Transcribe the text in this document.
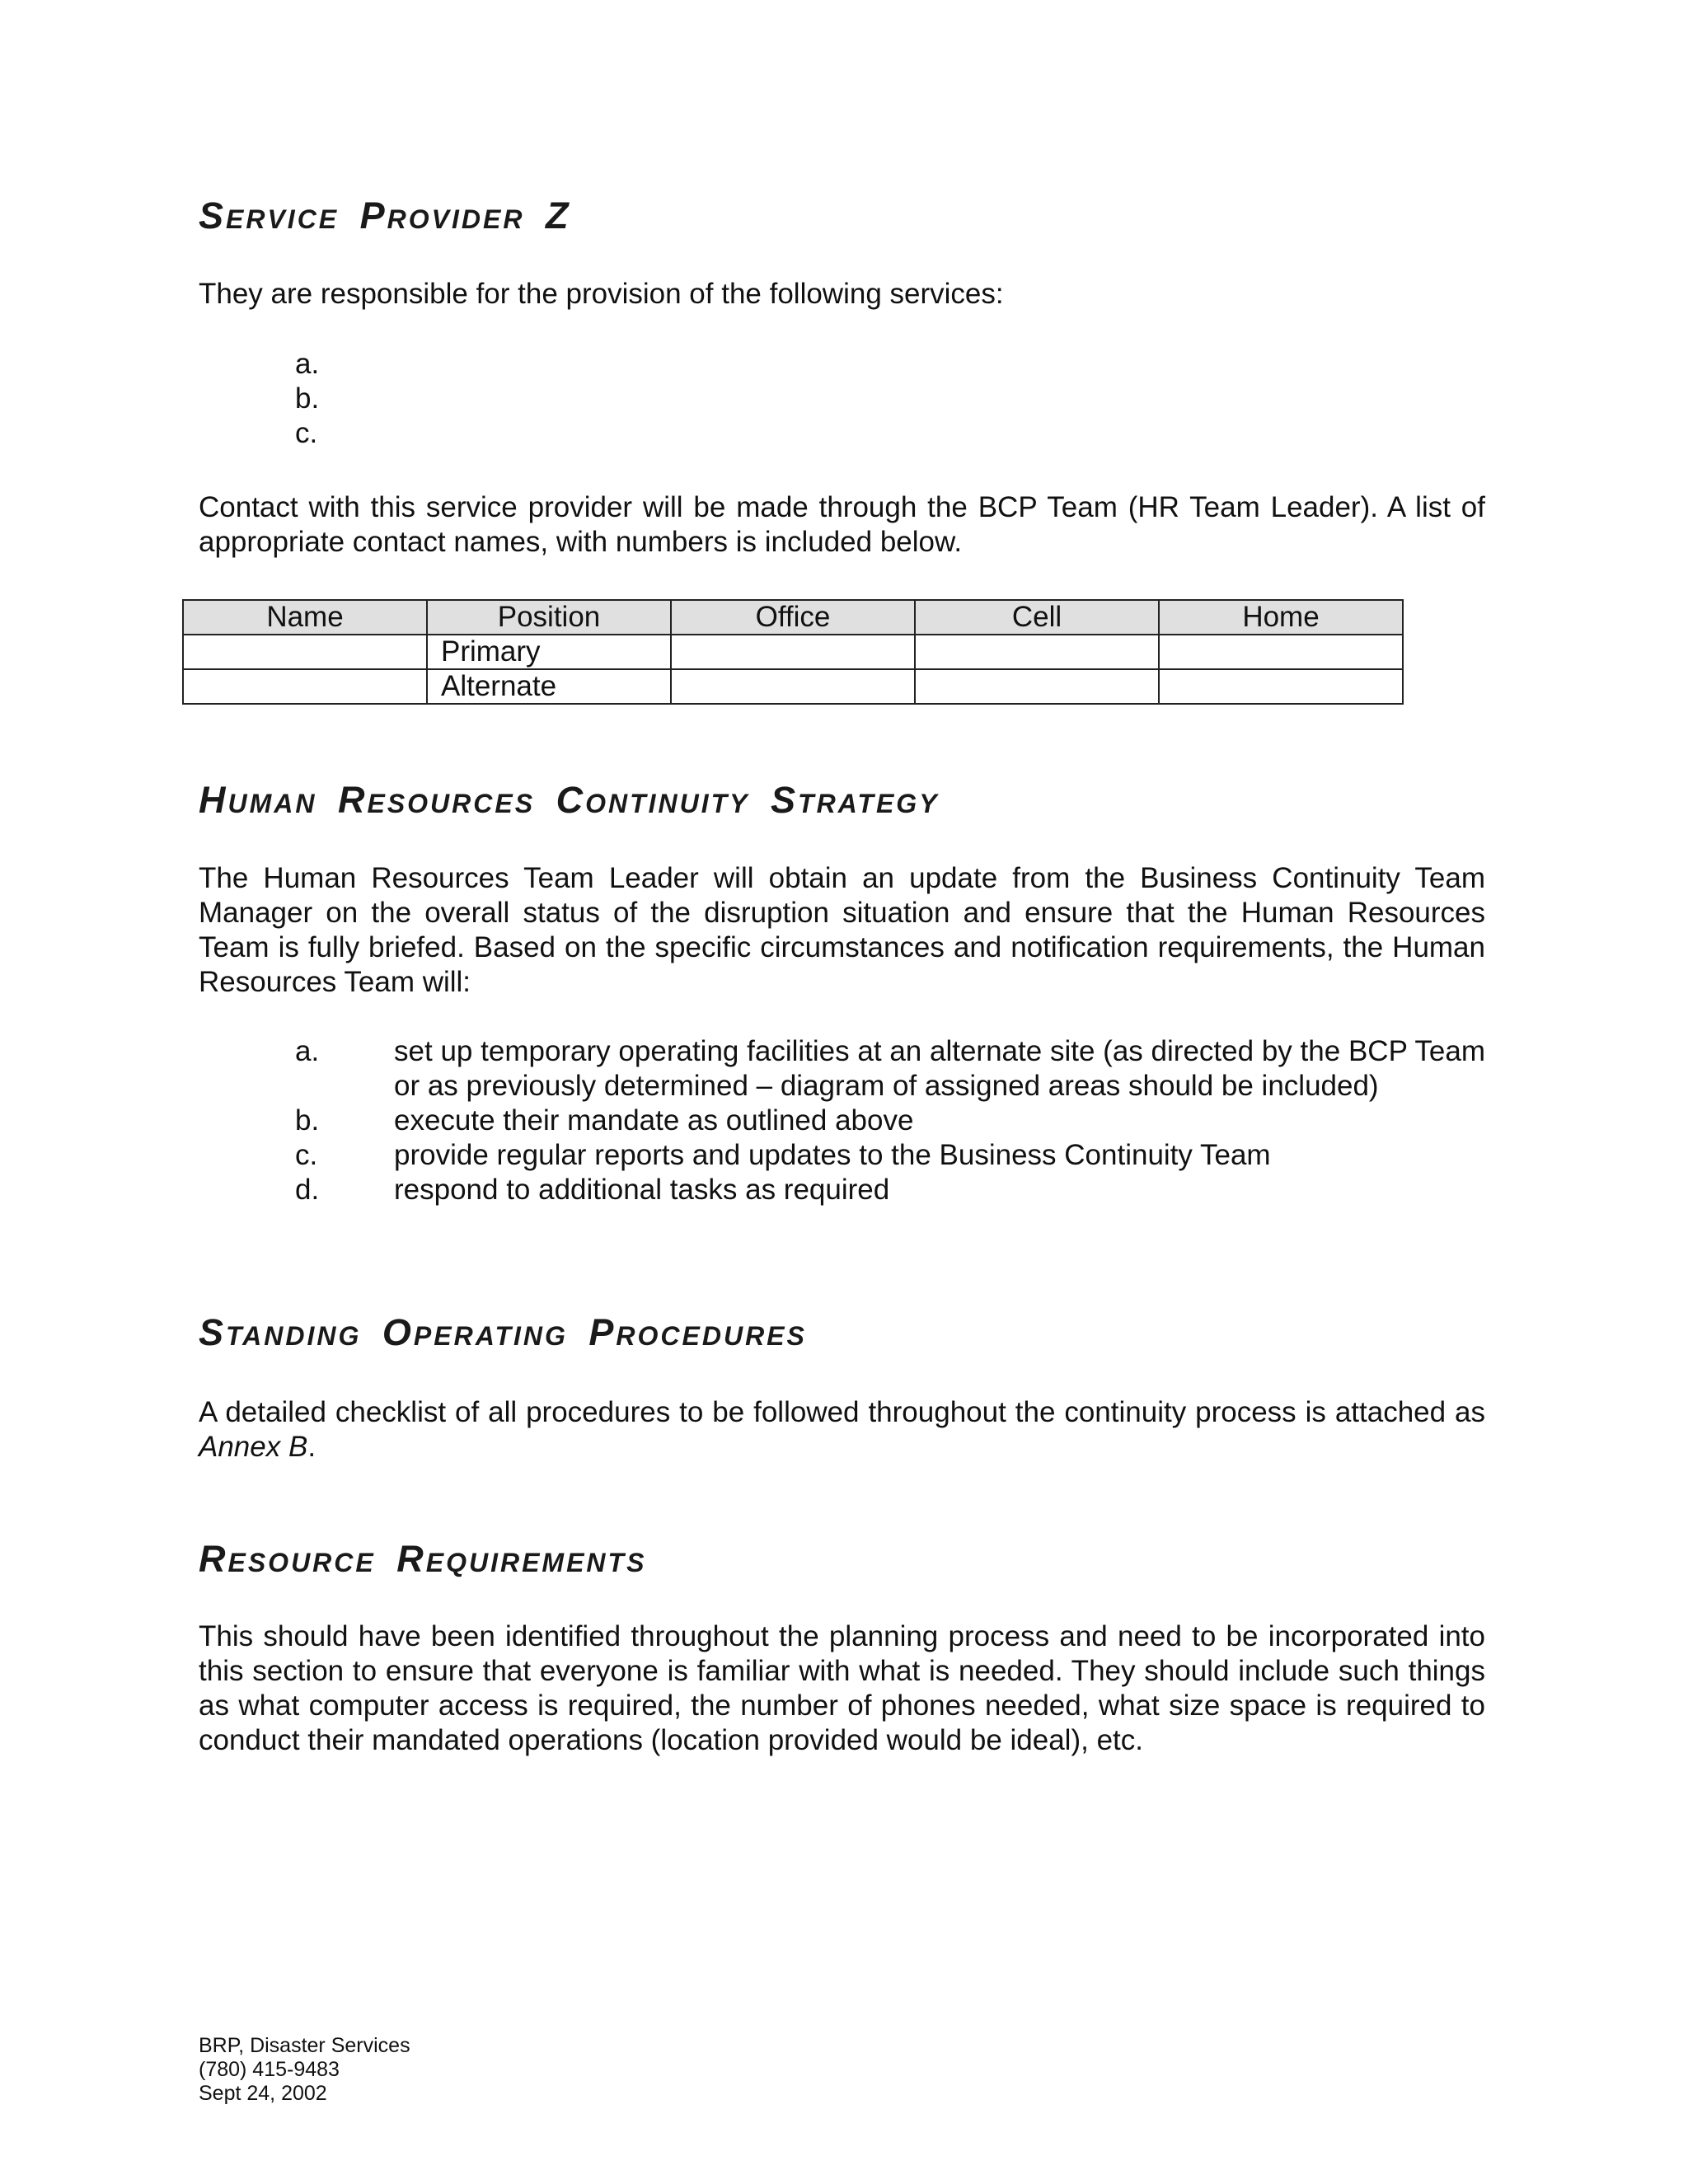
Service Provider Z

They are responsible for the provision of the following services:

a.
b.
c.

Contact with this service provider will be made through the BCP Team (HR Team Leader). A list of appropriate contact names, with numbers is included below.

Name	Position	Office	Cell	Home
	Primary			
	Alternate			
Human Resources Continuity Strategy

The Human Resources Team Leader will obtain an update from the Business Continuity Team Manager on the overall status of the disruption situation and ensure that the Human Resources Team is fully briefed. Based on the specific circumstances and notification requirements, the Human Resources Team will:

a.	set up temporary operating facilities at an alternate site (as directed by the BCP Team or as previously determined – diagram of assigned areas should be included)
b.	execute their mandate as outlined above
c.	provide regular reports and updates to the Business Continuity Team
d.	respond to additional tasks as required
Standing Operating Procedures

A detailed checklist of all procedures to be followed throughout the continuity process is attached as Annex B.

Resource Requirements

This should have been identified throughout the planning process and need to be incorporated into this section to ensure that everyone is familiar with what is needed. They should include such things as what computer access is required, the number of phones needed, what size space is required to conduct their mandated operations (location provided would be ideal), etc.

BRP, Disaster Services
(780) 415-9483
Sept 24, 2002
